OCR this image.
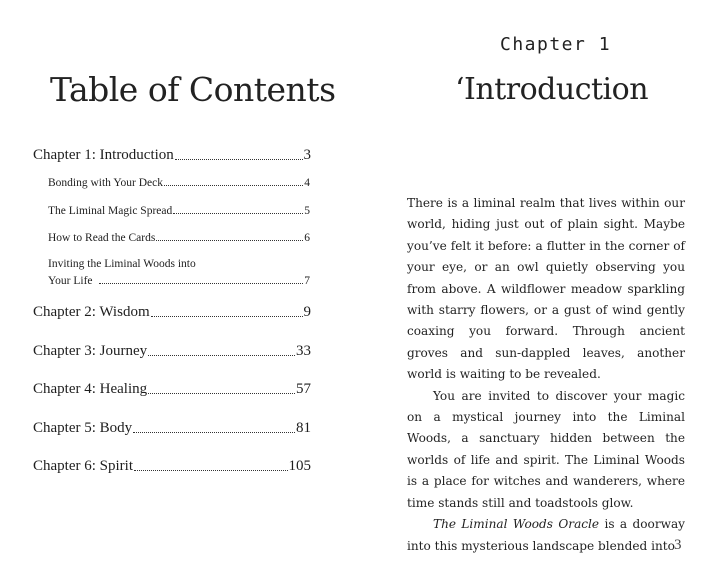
Table of Contents
Chapter 1: Introduction	3
Bonding with Your Deck	4
The Liminal Magic Spread	5
How to Read the Cards	6
Inviting the Liminal Woods into
Your Life	7
Chapter 2: Wisdom	9
Chapter 3: Journey	33
Chapter 4: Healing	57
Chapter 5: Body	81
Chapter 6: Spirit	105
Chapter 1
‘Introduction

There is a liminal realm that lives within our world, hiding just out of plain sight. Maybe you’ve felt it before: a flutter in the corner of your eye, or an owl quietly observing you from above. A wildflower meadow sparkling with starry flowers, or a gust of wind gently coaxing you forward. Through ancient groves and sun-dappled leaves, another world is waiting to be revealed.

You are invited to discover your magic on a mystical journey into the Liminal Woods, a sanctuary hidden between the worlds of life and spirit. The Liminal Woods is a place for witches and wanderers, where time stands still and toadstools glow.

The Liminal Woods Oracle is a doorway into this mysterious landscape blended into 3
